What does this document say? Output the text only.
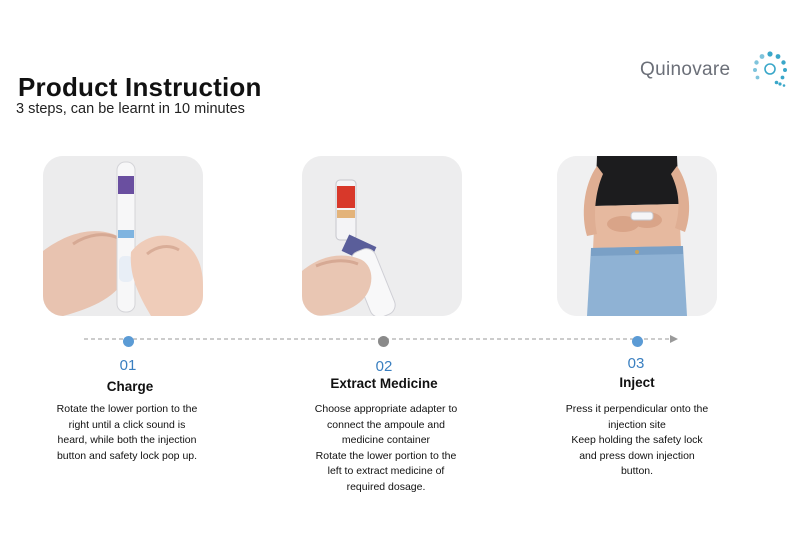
Product Instruction
3 steps, can be learnt in 10 minutes
Quinovare
01
Charge
Rotate the lower portion to the
right until a click sound is
heard, while both the injection
button and safety lock pop up.
02
Extract Medicine
Choose appropriate adapter to
connect the ampoule and
medicine container
Rotate the lower portion to the
left to extract medicine of
required dosage.
03
Inject
Press it perpendicular onto the
injection site
Keep holding the safety lock
and press down injection
button.
